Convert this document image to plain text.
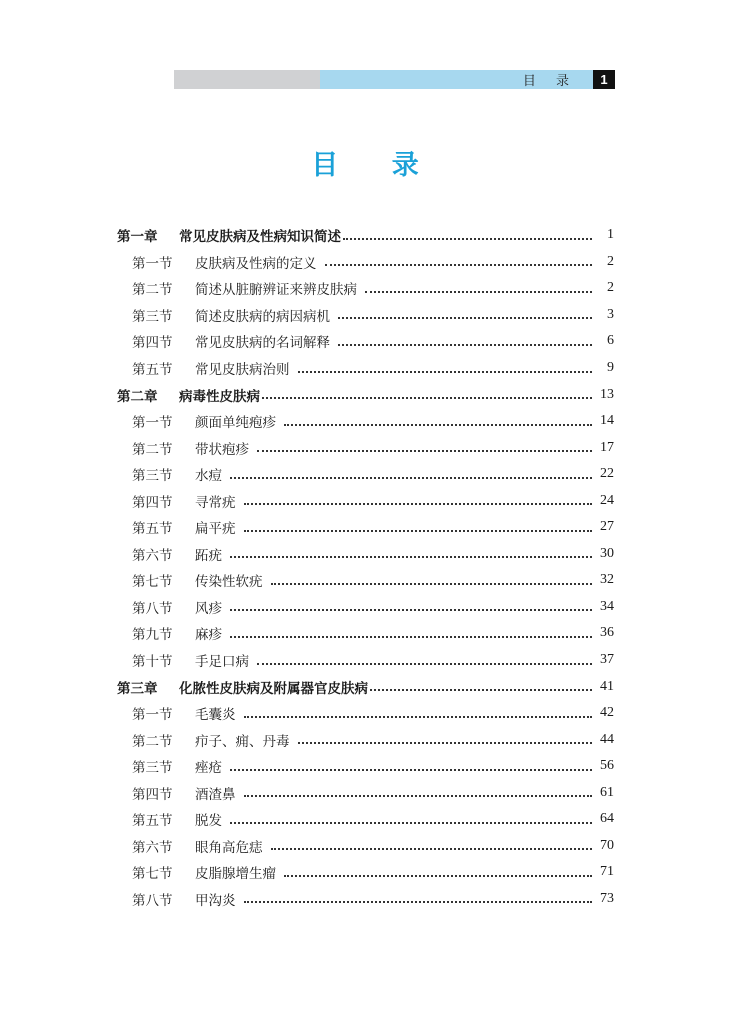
目 录	1
目 录
第一章	常见皮肤病及性病知识简述	1
第一节	皮肤病及性病的定义	2
第二节	简述从脏腑辨证来辨皮肤病	2
第三节	简述皮肤病的病因病机	3
第四节	常见皮肤病的名词解释	6
第五节	常见皮肤病治则	9
第二章	病毒性皮肤病	13
第一节	颜面单纯疱疹	14
第二节	带状疱疹	17
第三节	水痘	22
第四节	寻常疣	24
第五节	扁平疣	27
第六节	跖疣	30
第七节	传染性软疣	32
第八节	风疹	34
第九节	麻疹	36
第十节	手足口病	37
第三章	化脓性皮肤病及附属器官皮肤病	41
第一节	毛囊炎	42
第二节	疖子、痈、丹毒	44
第三节	痤疮	56
第四节	酒渣鼻	61
第五节	脱发	64
第六节	眼角高危痣	70
第七节	皮脂腺增生瘤	71
第八节	甲沟炎	73
